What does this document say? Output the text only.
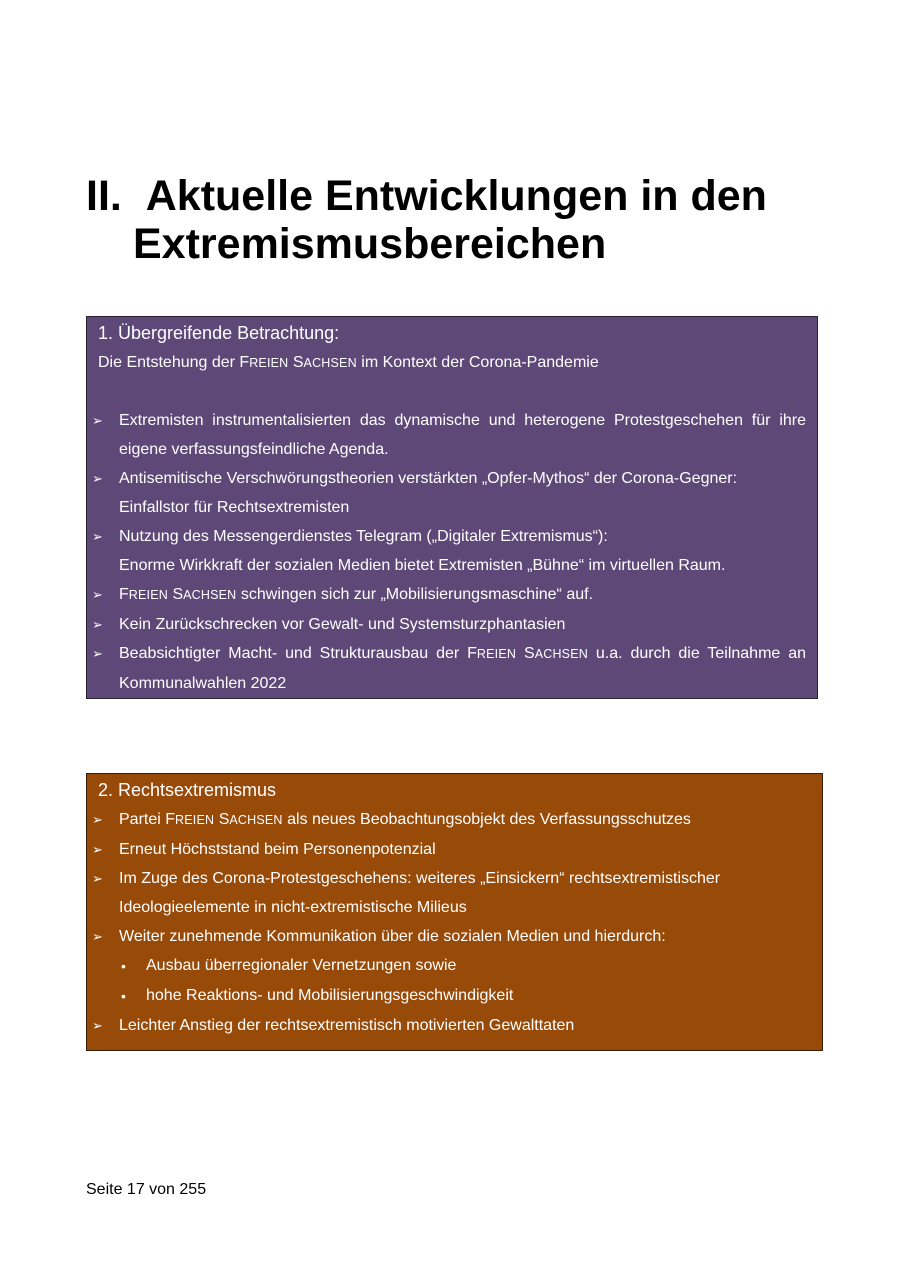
II. Aktuelle Entwicklungen in den Extremismusbereichen
1. Übergreifende Betrachtung:
Die Entstehung der FREIEN SACHSEN im Kontext der Corona-Pandemie
➢ Extremisten instrumentalisierten das dynamische und heterogene Protestgeschehen für ihre eigene verfassungsfeindliche Agenda.
➢ Antisemitische Verschwörungstheorien verstärkten „Opfer-Mythos“ der Corona-Gegner: Einfallstor für Rechtsextremisten
➢ Nutzung des Messengerdienstes Telegram („Digitaler Extremismus“):
Enorme Wirkkraft der sozialen Medien bietet Extremisten „Bühne“ im virtuellen Raum.
➢ FREIEN SACHSEN schwingen sich zur „Mobilisierungsmaschine“ auf.
➢ Kein Zurückschrecken vor Gewalt- und Systemsturzphantasien
➢ Beabsichtigter Macht- und Strukturausbau der FREIEN SACHSEN u.a. durch die Teilnahme an Kommunalwahlen 2022
2. Rechtsextremismus
➢ Partei FREIEN SACHSEN als neues Beobachtungsobjekt des Verfassungsschutzes
➢ Erneut Höchststand beim Personenpotenzial
➢ Im Zuge des Corona-Protestgeschehens: weiteres „Einsickern“ rechtsextremistischer Ideologieelemente in nicht-extremistische Milieus
➢ Weiter zunehmende Kommunikation über die sozialen Medien und hierdurch:
• Ausbau überregionaler Vernetzungen sowie
• hohe Reaktions- und Mobilisierungsgeschwindigkeit
➢ Leichter Anstieg der rechtsextremistisch motivierten Gewalttaten
Seite 17 von 255
